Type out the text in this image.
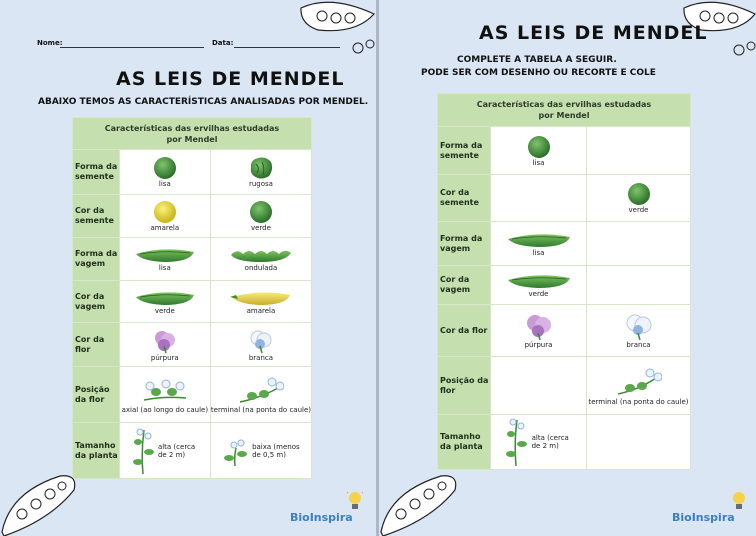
Nome:	Data:
AS LEIS DE MENDEL
ABAIXO TEMOS AS CARACTERÍSTICAS ANALISADAS POR MENDEL.
Características das ervilhas estudadas
por Mendel		
Forma da semente	lisa	rugosa

Cor da semente	amarela	verde

Forma da vagem	lisa	ondulada

Cor da vagem	verde	amarela

Cor da flor	púrpura	branca

Posição da flor	axial (ao longo do caule)	terminal (na ponta do caule)

Tamanho da planta	alta (cerca de 2 m)	baixa (menos de 0,5 m)
BioInspira
AS LEIS DE MENDEL
COMPLETE A TABELA A SEGUIR.
PODE SER COM DESENHO OU RECORTE E COLE
Características das ervilhas estudadas
por Mendel		
Forma da semente	lisa	

Cor da semente		verde

Forma da vagem	lisa	

Cor da vagem	verde	

Cor da flor	púrpura	branca

Posição da flor		terminal (na ponta do caule)

Tamanho da planta	alta (cerca de 2 m)	
BioInspira
